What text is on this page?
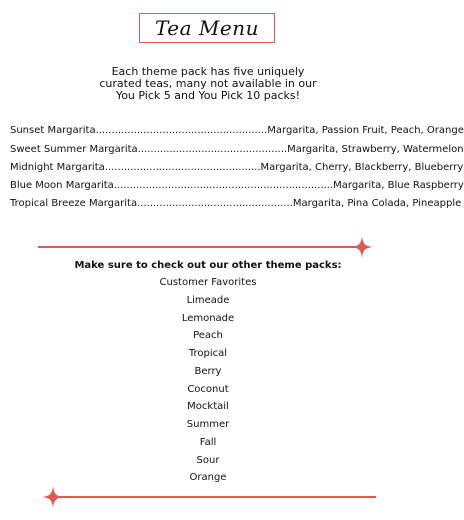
Tea Menu
Each theme pack has five uniquely
curated teas, many not available in our
You Pick 5 and You Pick 10 packs!
Sunset Margarita......................................................Margarita, Passion Fruit, Peach, Orange
Sweet Summer Margarita...............................................Margarita, Strawberry, Watermelon
Midnight Margarita.................................................Margarita, Cherry, Blackberry, Blueberry
Blue Moon Margarita.....................................................................Margarita, Blue Raspberry
Tropical Breeze Margarita.................................................Margarita, Pina Colada, Pineapple
Make sure to check out our other theme packs:
Customer Favorites
Limeade
Lemonade
Peach
Tropical
Berry
Coconut
Mocktail
Summer
Fall
Sour
Orange
